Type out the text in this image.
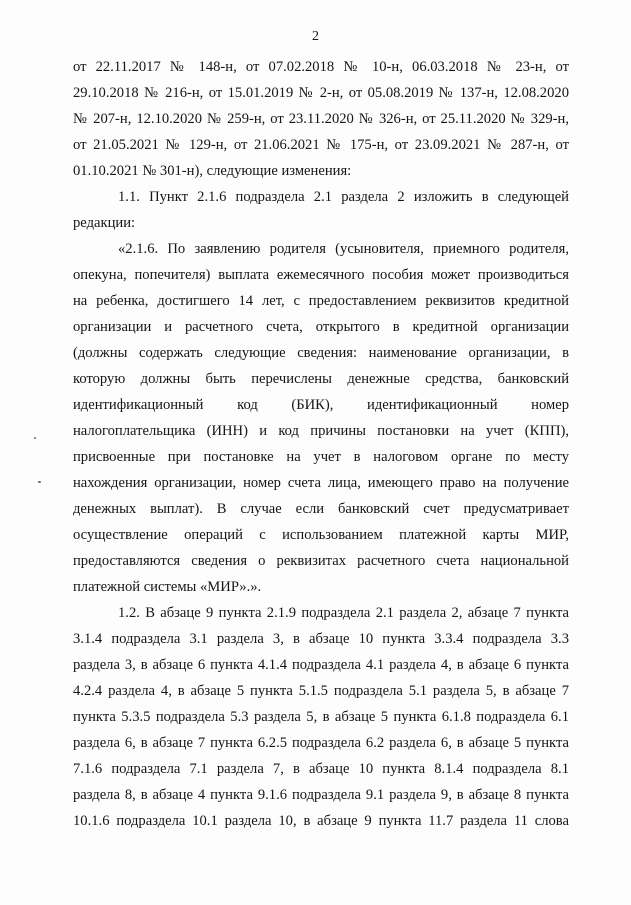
2
от 22.11.2017 № 148-н, от 07.02.2018 № 10-н, 06.03.2018 № 23-н, от
29.10.2018 № 216-н, от 15.01.2019 № 2-н, от 05.08.2019 № 137-н, 12.08.2020
№ 207-н, 12.10.2020 № 259-н, от 23.11.2020 № 326-н, от 25.11.2020 № 329-н,
от 21.05.2021 № 129-н, от 21.06.2021 № 175-н, от 23.09.2021 № 287-н, от
01.10.2021 № 301-н), следующие изменения:
1.1. Пункт 2.1.6 подраздела 2.1 раздела 2 изложить в следующей
редакции:
«2.1.6. По заявлению родителя (усыновителя, приемного родителя,
опекуна, попечителя) выплата ежемесячного пособия может производиться
на ребенка, достигшего 14 лет, с предоставлением реквизитов кредитной
организации и расчетного счета, открытого в кредитной организации
(должны содержать следующие сведения: наименование организации, в
которую должны быть перечислены денежные средства, банковский
идентификационный код (БИК), идентификационный номер
налогоплательщика (ИНН) и код причины постановки на учет (КПП),
присвоенные при постановке на учет в налоговом органе по месту
нахождения организации, номер счета лица, имеющего право на получение
денежных выплат). В случае если банковский счет предусматривает
осуществление операций с использованием платежной карты МИР,
предоставляются сведения о реквизитах расчетного счета национальной
платежной системы «МИР».».
1.2. В абзаце 9 пункта 2.1.9 подраздела 2.1 раздела 2, абзаце 7 пункта
3.1.4 подраздела 3.1 раздела 3, в абзаце 10 пункта 3.3.4 подраздела 3.3
раздела 3, в абзаце 6 пункта 4.1.4 подраздела 4.1 раздела 4, в абзаце 6 пункта
4.2.4 раздела 4, в абзаце 5 пункта 5.1.5 подраздела 5.1 раздела 5, в абзаце 7
пункта 5.3.5 подраздела 5.3 раздела 5, в абзаце 5 пункта 6.1.8 подраздела 6.1
раздела 6, в абзаце 7 пункта 6.2.5 подраздела 6.2 раздела 6, в абзаце 5 пункта
7.1.6 подраздела 7.1 раздела 7, в абзаце 10 пункта 8.1.4 подраздела 8.1
раздела 8, в абзаце 4 пункта 9.1.6 подраздела 9.1 раздела 9, в абзаце 8 пункта
10.1.6 подраздела 10.1 раздела 10, в абзаце 9 пункта 11.7 раздела 11 слова
